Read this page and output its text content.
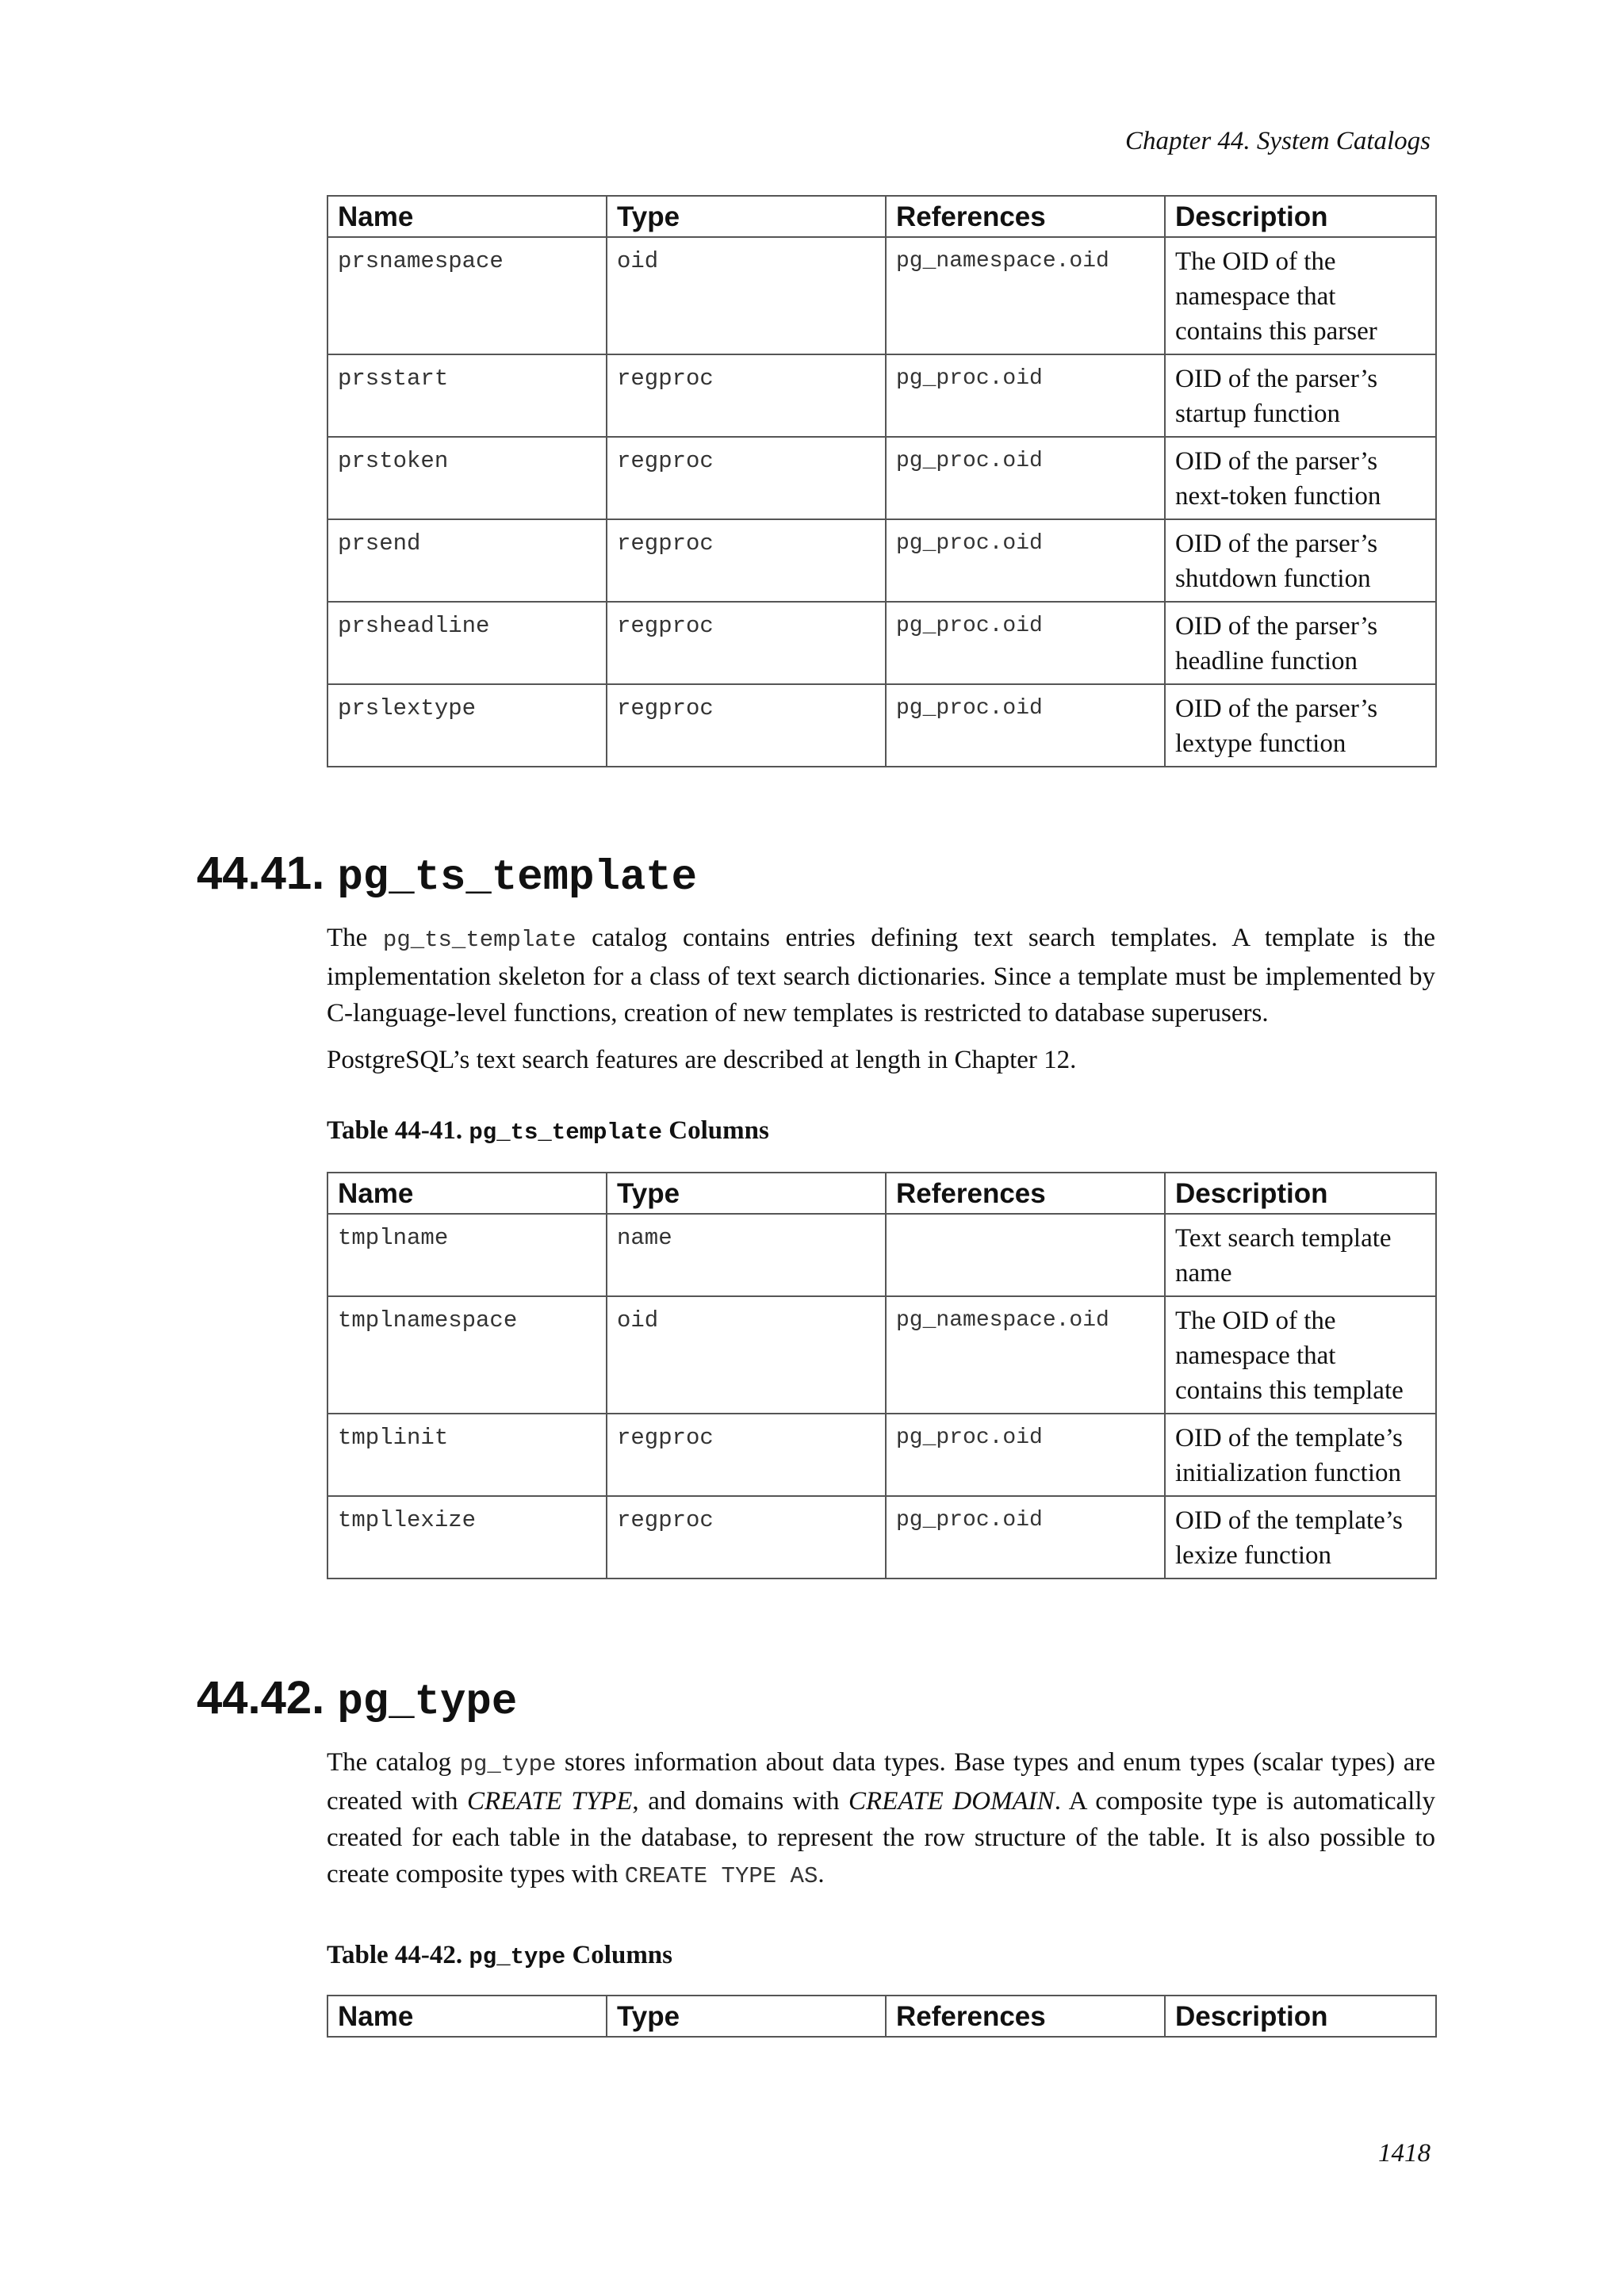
Chapter 44. System Catalogs
Name	Type	References	Description
prsnamespace	oid	pg_namespace.oid	The OID of the namespace that contains this parser
prsstart	regproc	pg_proc.oid	OID of the parser’s startup function
prstoken	regproc	pg_proc.oid	OID of the parser’s next-token function
prsend	regproc	pg_proc.oid	OID of the parser’s shutdown function
prsheadline	regproc	pg_proc.oid	OID of the parser’s headline function
prslextype	regproc	pg_proc.oid	OID of the parser’s lextype function
44.41. pg_ts_template
The pg_ts_template catalog contains entries defining text search templates. A template is the implementation skeleton for a class of text search dictionaries. Since a template must be implemented by C-language-level functions, creation of new templates is restricted to database superusers.
PostgreSQL’s text search features are described at length in Chapter 12.
Table 44-41. pg_ts_template Columns
Name	Type	References	Description
tmplname	name		Text search template name
tmplnamespace	oid	pg_namespace.oid	The OID of the namespace that contains this template
tmplinit	regproc	pg_proc.oid	OID of the template’s initialization function
tmpllexize	regproc	pg_proc.oid	OID of the template’s lexize function
44.42. pg_type
The catalog pg_type stores information about data types. Base types and enum types (scalar types) are created with CREATE TYPE, and domains with CREATE DOMAIN. A composite type is automatically created for each table in the database, to represent the row structure of the table. It is also possible to create composite types with CREATE TYPE AS.
Table 44-42. pg_type Columns
Name	Type	References	Description
1418
